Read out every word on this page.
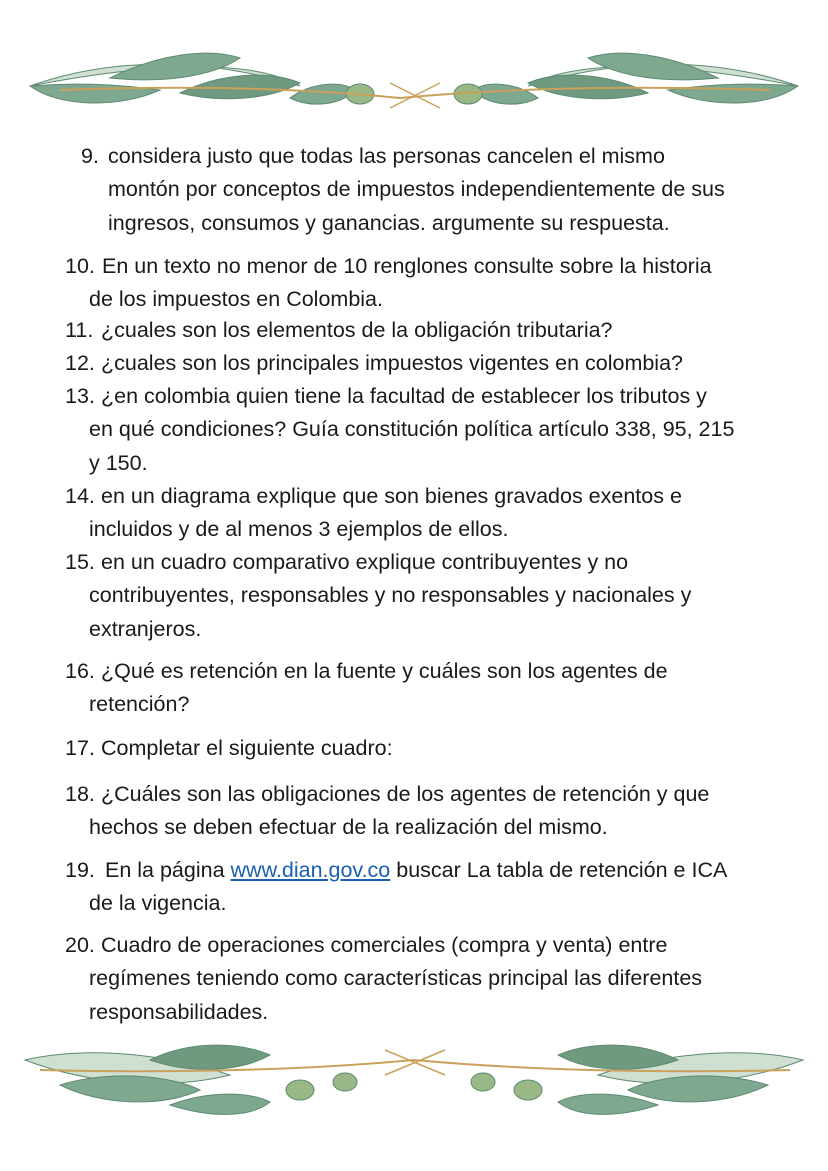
9. considera justo que todas las personas cancelen el mismo
montón por conceptos de impuestos independientemente de sus
ingresos, consumos y ganancias. argumente su respuesta.
10. En un texto no menor de 10 renglones consulte sobre la historia
de los impuestos en Colombia.
11. ¿cuales son los elementos de la obligación tributaria?
12. ¿cuales son los principales impuestos vigentes en colombia?
13. ¿en colombia quien tiene la facultad de establecer los tributos y
en qué condiciones? Guía constitución política artículo 338, 95, 215
y 150.
14. en un diagrama explique que son bienes gravados exentos e
incluidos y de al menos 3 ejemplos de ellos.
15. en un cuadro comparativo explique contribuyentes y no
contribuyentes, responsables y no responsables y nacionales y
extranjeros.
16. ¿Qué es retención en la fuente y cuáles son los agentes de
retención?
17. Completar el siguiente cuadro:
18. ¿Cuáles son las obligaciones de los agentes de retención y que
hechos se deben efectuar de la realización del mismo.
19. En la página www.dian.gov.co buscar La tabla de retención e ICA
de la vigencia.
20. Cuadro de operaciones comerciales (compra y venta) entre
regímenes teniendo como características principal las diferentes
responsabilidades.
